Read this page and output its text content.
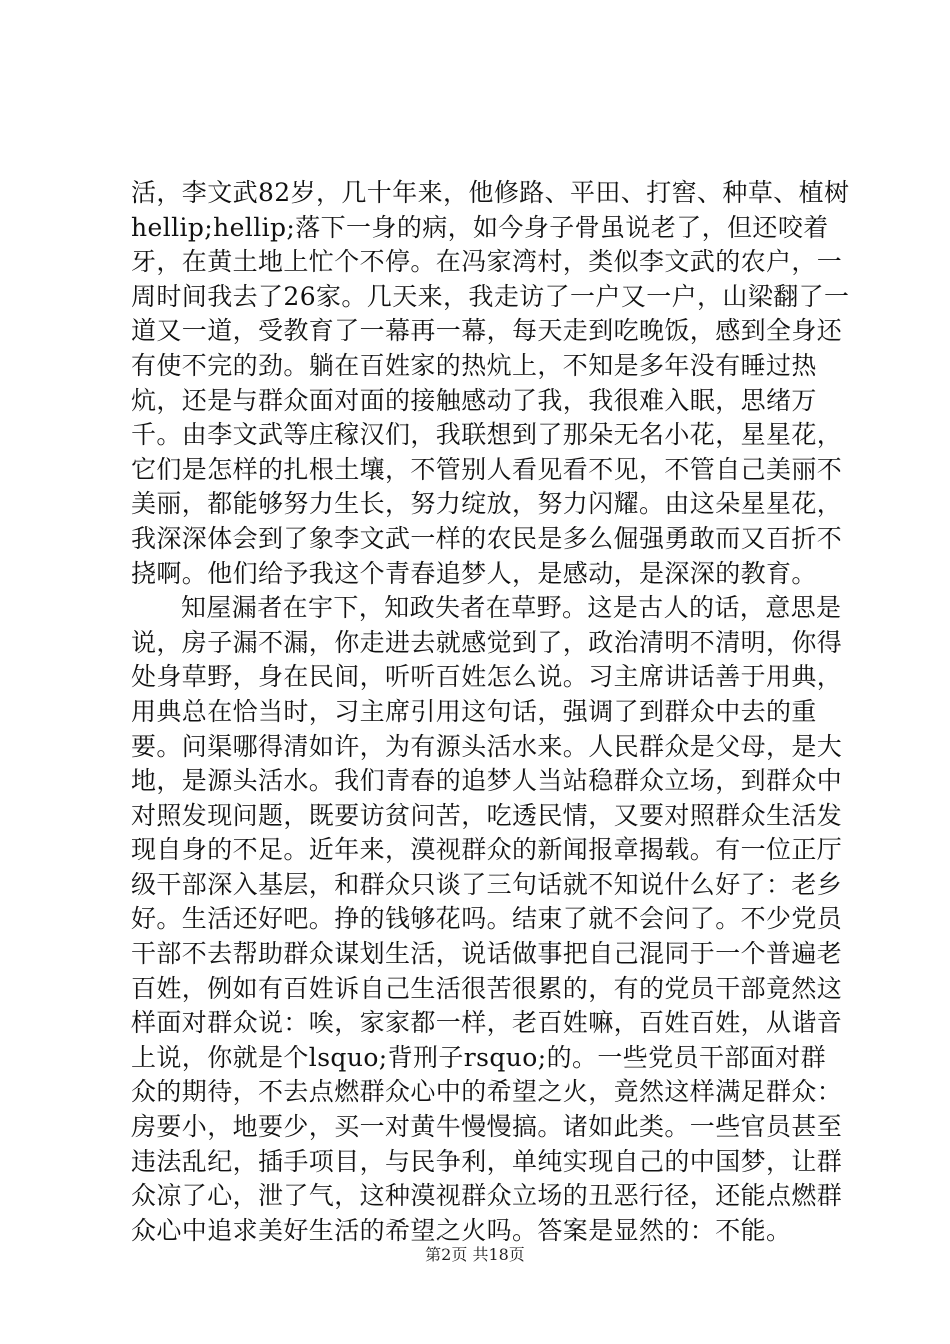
活，李文武82岁，几十年来，他修路、平田、打窖、种草、植树hellip;hellip;落下一身的病，如今身子骨虽说老了，但还咬着牙，在黄土地上忙个不停。在冯家湾村，类似李文武的农户，一周时间我去了26家。几天来，我走访了一户又一户，山梁翻了一道又一道，受教育了一幕再一幕，每天走到吃晚饭，感到全身还有使不完的劲。躺在百姓家的热炕上，不知是多年没有睡过热炕，还是与群众面对面的接触感动了我，我很难入眠，思绪万千。由李文武等庄稼汉们，我联想到了那朵无名小花，星星花，它们是怎样的扎根土壤，不管别人看见看不见，不管自己美丽不美丽，都能够努力生长，努力绽放，努力闪耀。由这朵星星花，我深深体会到了象李文武一样的农民是多么倔强勇敢而又百折不挠啊。他们给予我这个青春追梦人，是感动，是深深的教育。

知屋漏者在宇下，知政失者在草野。这是古人的话，意思是说，房子漏不漏，你走进去就感觉到了，政治清明不清明，你得处身草野，身在民间，听听百姓怎么说。习主席讲话善于用典，用典总在恰当时，习主席引用这句话，强调了到群众中去的重要。问渠哪得清如许，为有源头活水来。人民群众是父母，是大地，是源头活水。我们青春的追梦人当站稳群众立场，到群众中对照发现问题，既要访贫问苦，吃透民情，又要对照群众生活发现自身的不足。近年来，漠视群众的新闻报章揭载。有一位正厅级干部深入基层，和群众只谈了三句话就不知说什么好了：老乡好。生活还好吧。挣的钱够花吗。结束了就不会问了。不少党员干部不去帮助群众谋划生活，说话做事把自己混同于一个普遍老百姓，例如有百姓诉自己生活很苦很累的，有的党员干部竟然这样面对群众说：唉，家家都一样，老百姓嘛，百姓百姓，从谐音上说，你就是个lsquo;背刑子rsquo;的。一些党员干部面对群众的期待，不去点燃群众心中的希望之火，竟然这样满足群众：房要小，地要少，买一对黄牛慢慢搞。诸如此类。一些官员甚至违法乱纪，插手项目，与民争利，单纯实现自己的中国梦，让群众凉了心，泄了气，这种漠视群众立场的丑恶行径，还能点燃群众心中追求美好生活的希望之火吗。答案是显然的：不能。

第2页 共18页
